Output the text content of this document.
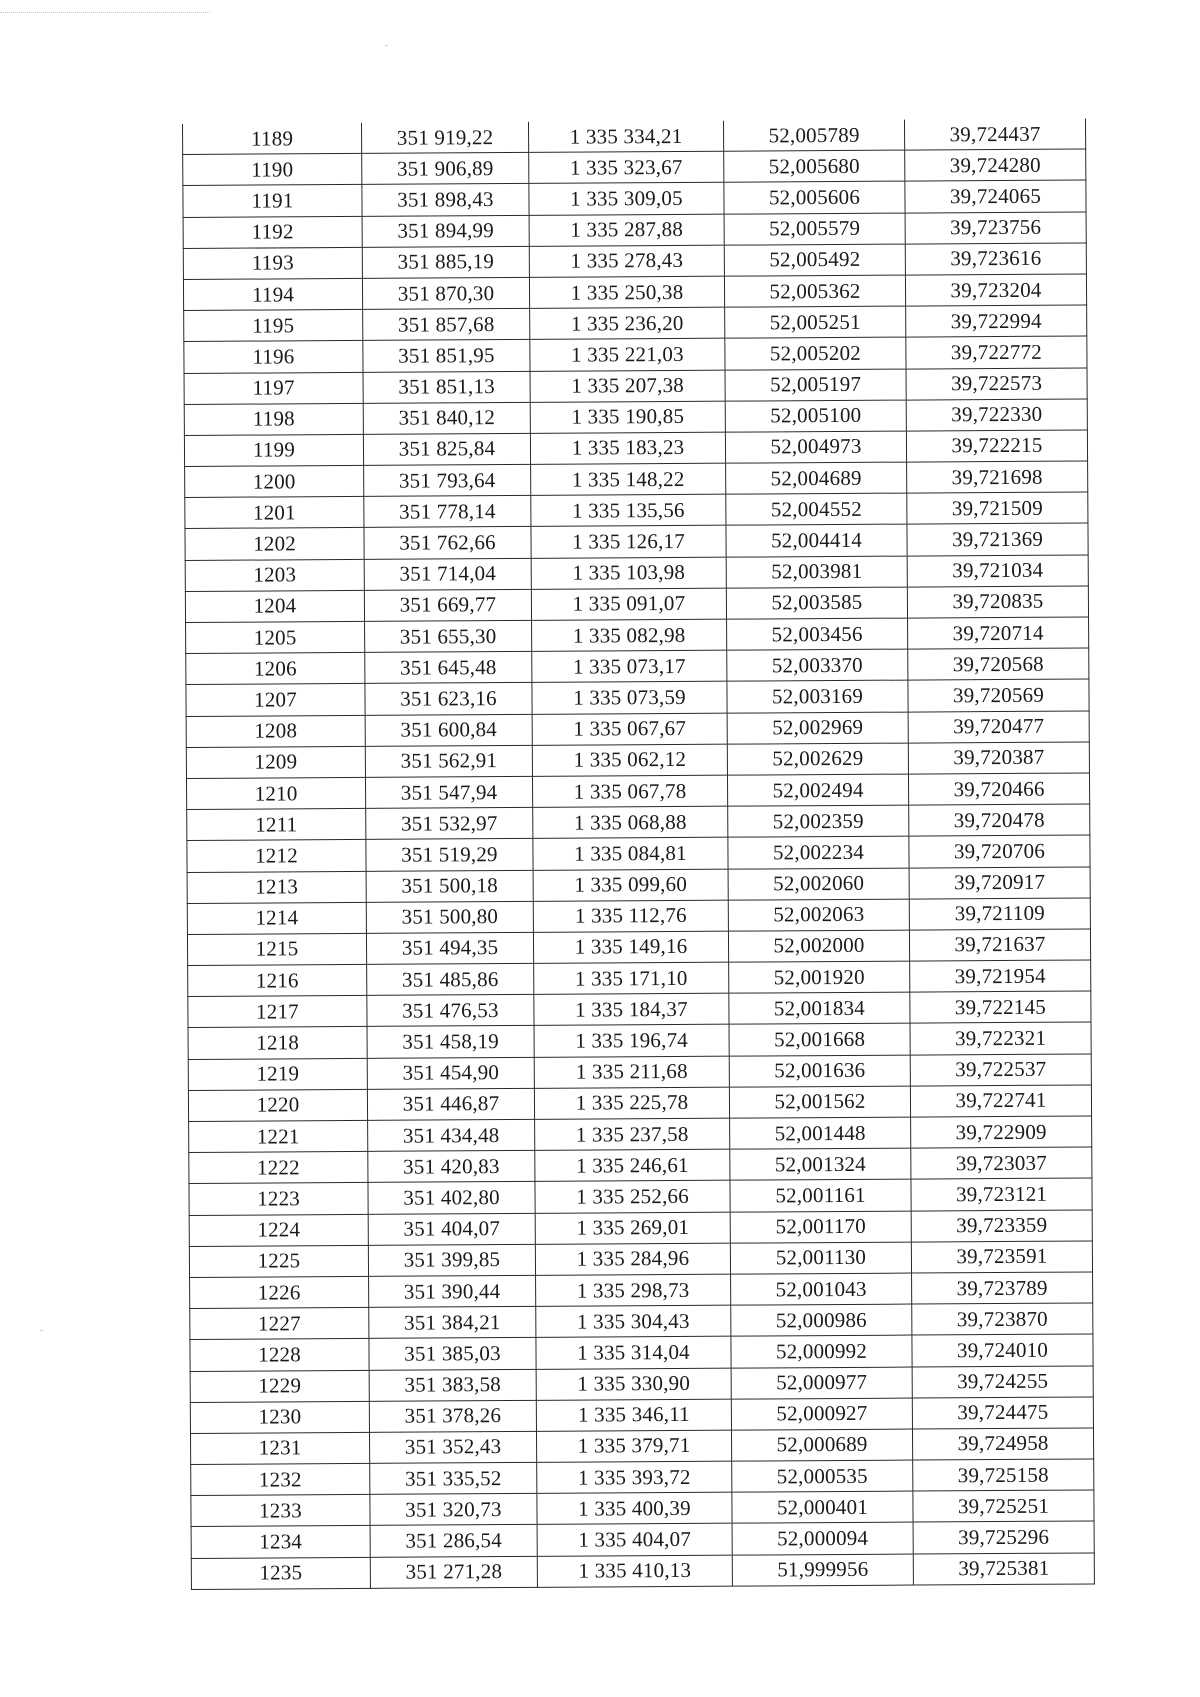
1189	351 919,22	1 335 334,21	52,005789	39,724437
1190	351 906,89	1 335 323,67	52,005680	39,724280
1191	351 898,43	1 335 309,05	52,005606	39,724065
1192	351 894,99	1 335 287,88	52,005579	39,723756
1193	351 885,19	1 335 278,43	52,005492	39,723616
1194	351 870,30	1 335 250,38	52,005362	39,723204
1195	351 857,68	1 335 236,20	52,005251	39,722994
1196	351 851,95	1 335 221,03	52,005202	39,722772
1197	351 851,13	1 335 207,38	52,005197	39,722573
1198	351 840,12	1 335 190,85	52,005100	39,722330
1199	351 825,84	1 335 183,23	52,004973	39,722215
1200	351 793,64	1 335 148,22	52,004689	39,721698
1201	351 778,14	1 335 135,56	52,004552	39,721509
1202	351 762,66	1 335 126,17	52,004414	39,721369
1203	351 714,04	1 335 103,98	52,003981	39,721034
1204	351 669,77	1 335 091,07	52,003585	39,720835
1205	351 655,30	1 335 082,98	52,003456	39,720714
1206	351 645,48	1 335 073,17	52,003370	39,720568
1207	351 623,16	1 335 073,59	52,003169	39,720569
1208	351 600,84	1 335 067,67	52,002969	39,720477
1209	351 562,91	1 335 062,12	52,002629	39,720387
1210	351 547,94	1 335 067,78	52,002494	39,720466
1211	351 532,97	1 335 068,88	52,002359	39,720478
1212	351 519,29	1 335 084,81	52,002234	39,720706
1213	351 500,18	1 335 099,60	52,002060	39,720917
1214	351 500,80	1 335 112,76	52,002063	39,721109
1215	351 494,35	1 335 149,16	52,002000	39,721637
1216	351 485,86	1 335 171,10	52,001920	39,721954
1217	351 476,53	1 335 184,37	52,001834	39,722145
1218	351 458,19	1 335 196,74	52,001668	39,722321
1219	351 454,90	1 335 211,68	52,001636	39,722537
1220	351 446,87	1 335 225,78	52,001562	39,722741
1221	351 434,48	1 335 237,58	52,001448	39,722909
1222	351 420,83	1 335 246,61	52,001324	39,723037
1223	351 402,80	1 335 252,66	52,001161	39,723121
1224	351 404,07	1 335 269,01	52,001170	39,723359
1225	351 399,85	1 335 284,96	52,001130	39,723591
1226	351 390,44	1 335 298,73	52,001043	39,723789
1227	351 384,21	1 335 304,43	52,000986	39,723870
1228	351 385,03	1 335 314,04	52,000992	39,724010
1229	351 383,58	1 335 330,90	52,000977	39,724255
1230	351 378,26	1 335 346,11	52,000927	39,724475
1231	351 352,43	1 335 379,71	52,000689	39,724958
1232	351 335,52	1 335 393,72	52,000535	39,725158
1233	351 320,73	1 335 400,39	52,000401	39,725251
1234	351 286,54	1 335 404,07	52,000094	39,725296
1235	351 271,28	1 335 410,13	51,999956	39,725381
